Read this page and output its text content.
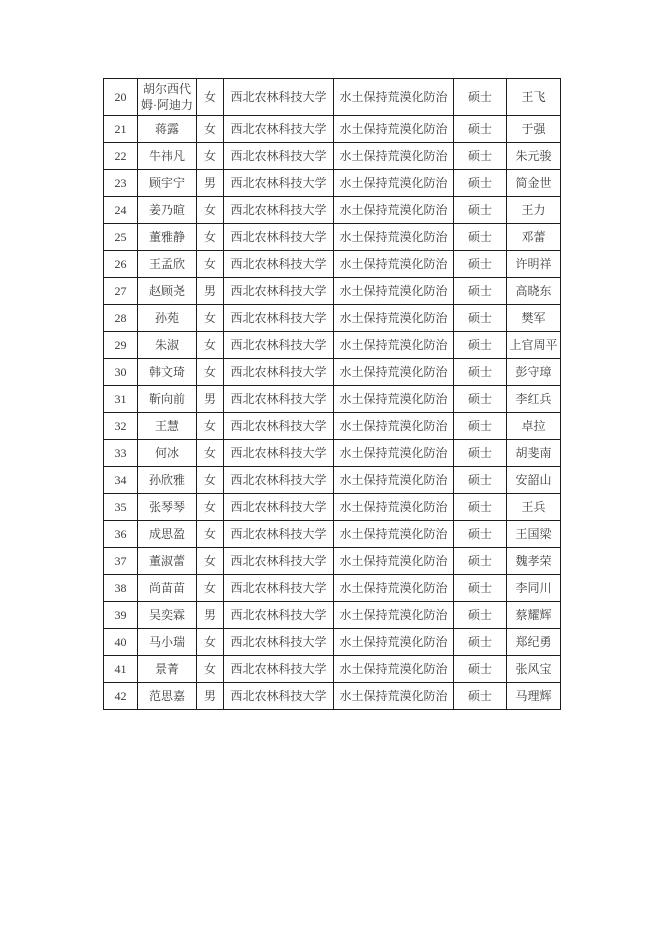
20	胡尔西代姆·阿迪力	女	西北农林科技大学	水土保持荒漠化防治	硕士	王飞
21	蒋露	女	西北农林科技大学	水土保持荒漠化防治	硕士	于强
22	牛祎凡	女	西北农林科技大学	水土保持荒漠化防治	硕士	朱元骏
23	顾宇宁	男	西北农林科技大学	水土保持荒漠化防治	硕士	简金世
24	姜乃暄	女	西北农林科技大学	水土保持荒漠化防治	硕士	王力
25	董雅静	女	西北农林科技大学	水土保持荒漠化防治	硕士	邓蕾
26	王孟欣	女	西北农林科技大学	水土保持荒漠化防治	硕士	许明祥
27	赵顾尧	男	西北农林科技大学	水土保持荒漠化防治	硕士	高晓东
28	孙苑	女	西北农林科技大学	水土保持荒漠化防治	硕士	樊军
29	朱淑	女	西北农林科技大学	水土保持荒漠化防治	硕士	上官周平
30	韩文琦	女	西北农林科技大学	水土保持荒漠化防治	硕士	彭守璋
31	靳向前	男	西北农林科技大学	水土保持荒漠化防治	硕士	李红兵
32	王慧	女	西北农林科技大学	水土保持荒漠化防治	硕士	卓拉
33	何冰	女	西北农林科技大学	水土保持荒漠化防治	硕士	胡斐南
34	孙欣雅	女	西北农林科技大学	水土保持荒漠化防治	硕士	安韶山
35	张琴琴	女	西北农林科技大学	水土保持荒漠化防治	硕士	王兵
36	成思盈	女	西北农林科技大学	水土保持荒漠化防治	硕士	王国梁
37	董淑蕾	女	西北农林科技大学	水土保持荒漠化防治	硕士	魏孝荣
38	尚苗苗	女	西北农林科技大学	水土保持荒漠化防治	硕士	李同川
39	吴奕霖	男	西北农林科技大学	水土保持荒漠化防治	硕士	蔡耀辉
40	马小瑞	女	西北农林科技大学	水土保持荒漠化防治	硕士	郑纪勇
41	景菁	女	西北农林科技大学	水土保持荒漠化防治	硕士	张风宝
42	范思嘉	男	西北农林科技大学	水土保持荒漠化防治	硕士	马理辉
